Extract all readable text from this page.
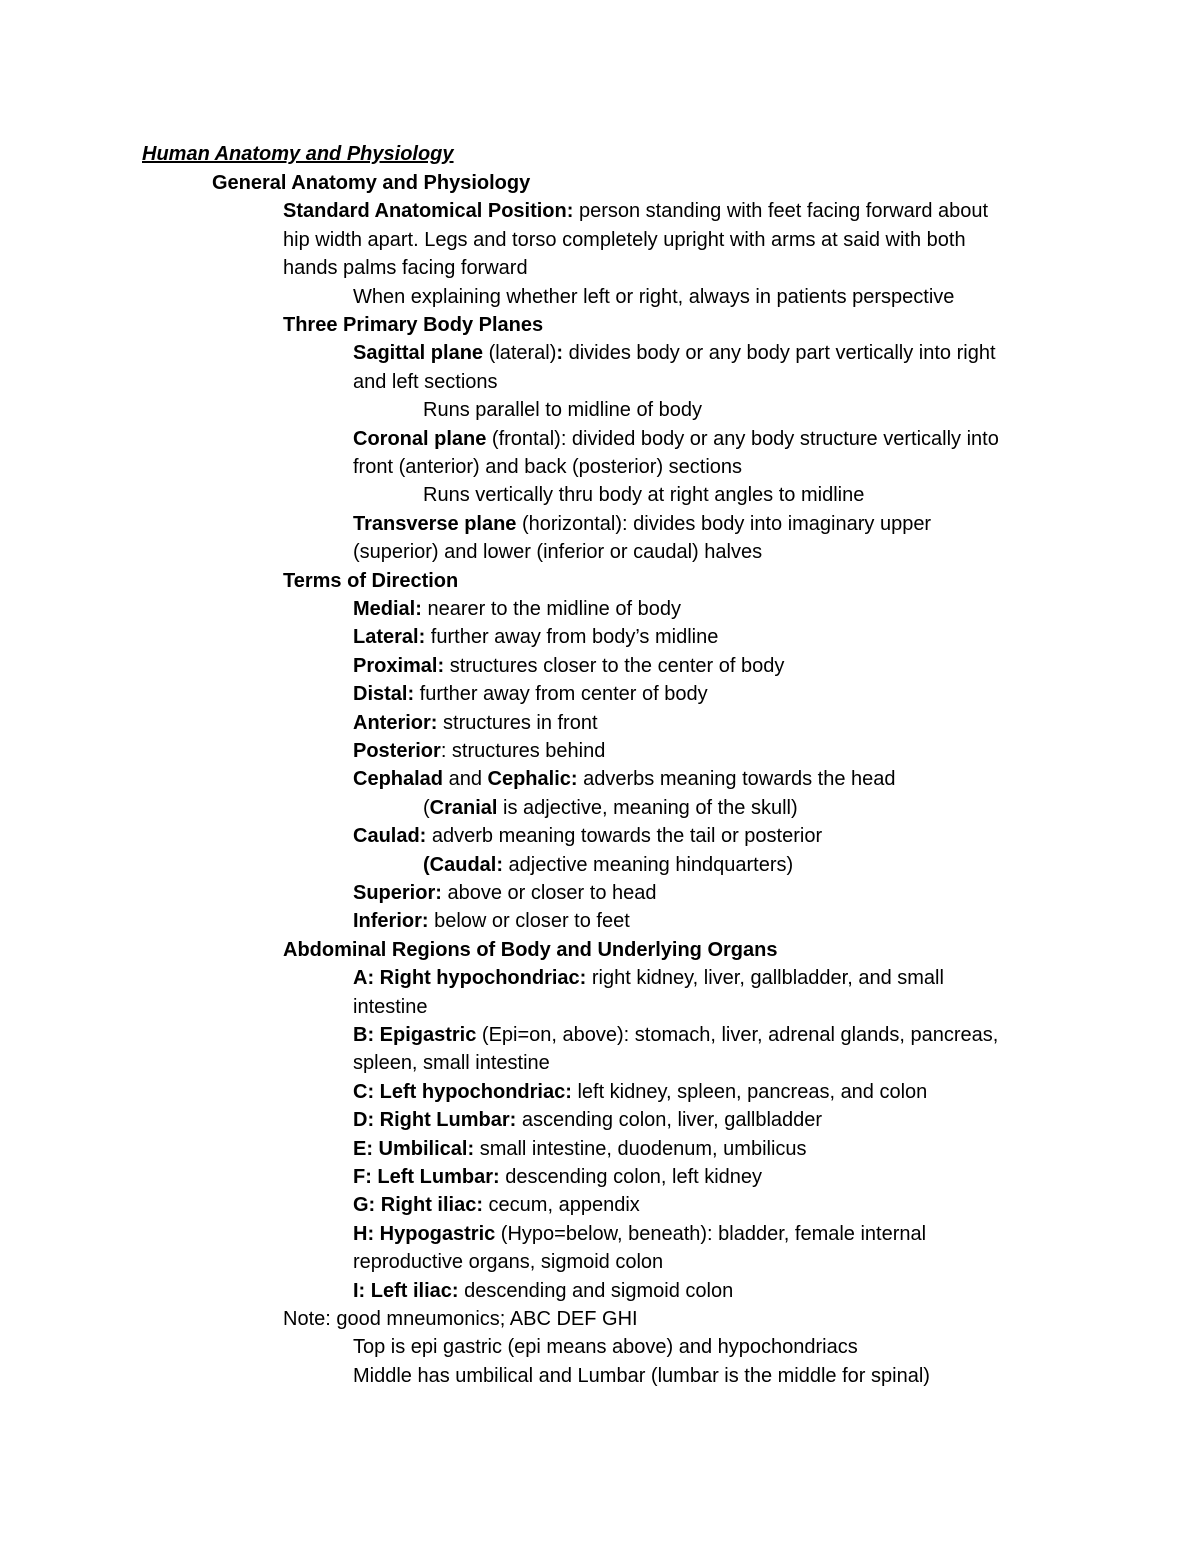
Human Anatomy and Physiology
General Anatomy and Physiology
Standard Anatomical Position: person standing with feet facing forward about
hip width apart. Legs and torso completely upright with arms at said with both
hands palms facing forward
When explaining whether left or right, always in patients perspective
Three Primary Body Planes
Sagittal plane (lateral): divides body or any body part vertically into right
and left sections
Runs parallel to midline of body
Coronal plane (frontal): divided body or any body structure vertically into
front (anterior) and back (posterior) sections
Runs vertically thru body at right angles to midline
Transverse plane (horizontal): divides body into imaginary upper
(superior) and lower (inferior or caudal) halves
Terms of Direction
Medial: nearer to the midline of body
Lateral: further away from body’s midline
Proximal: structures closer to the center of body
Distal: further away from center of body
Anterior: structures in front
Posterior: structures behind
Cephalad and Cephalic: adverbs meaning towards the head
(Cranial is adjective, meaning of the skull)
Caulad: adverb meaning towards the tail or posterior
(Caudal: adjective meaning hindquarters)
Superior: above or closer to head
Inferior: below or closer to feet
Abdominal Regions of Body and Underlying Organs
A: Right hypochondriac: right kidney, liver, gallbladder, and small
intestine
B: Epigastric (Epi=on, above): stomach, liver, adrenal glands, pancreas,
spleen, small intestine
C: Left hypochondriac: left kidney, spleen, pancreas, and colon
D: Right Lumbar: ascending colon, liver, gallbladder
E: Umbilical: small intestine, duodenum, umbilicus
F: Left Lumbar: descending colon, left kidney
G: Right iliac: cecum, appendix
H: Hypogastric (Hypo=below, beneath): bladder, female internal
reproductive organs, sigmoid colon
I: Left iliac: descending and sigmoid colon
Note: good mneumonics; ABC DEF GHI
Top is epi gastric (epi means above) and hypochondriacs
Middle has umbilical and Lumbar (lumbar is the middle for spinal)
